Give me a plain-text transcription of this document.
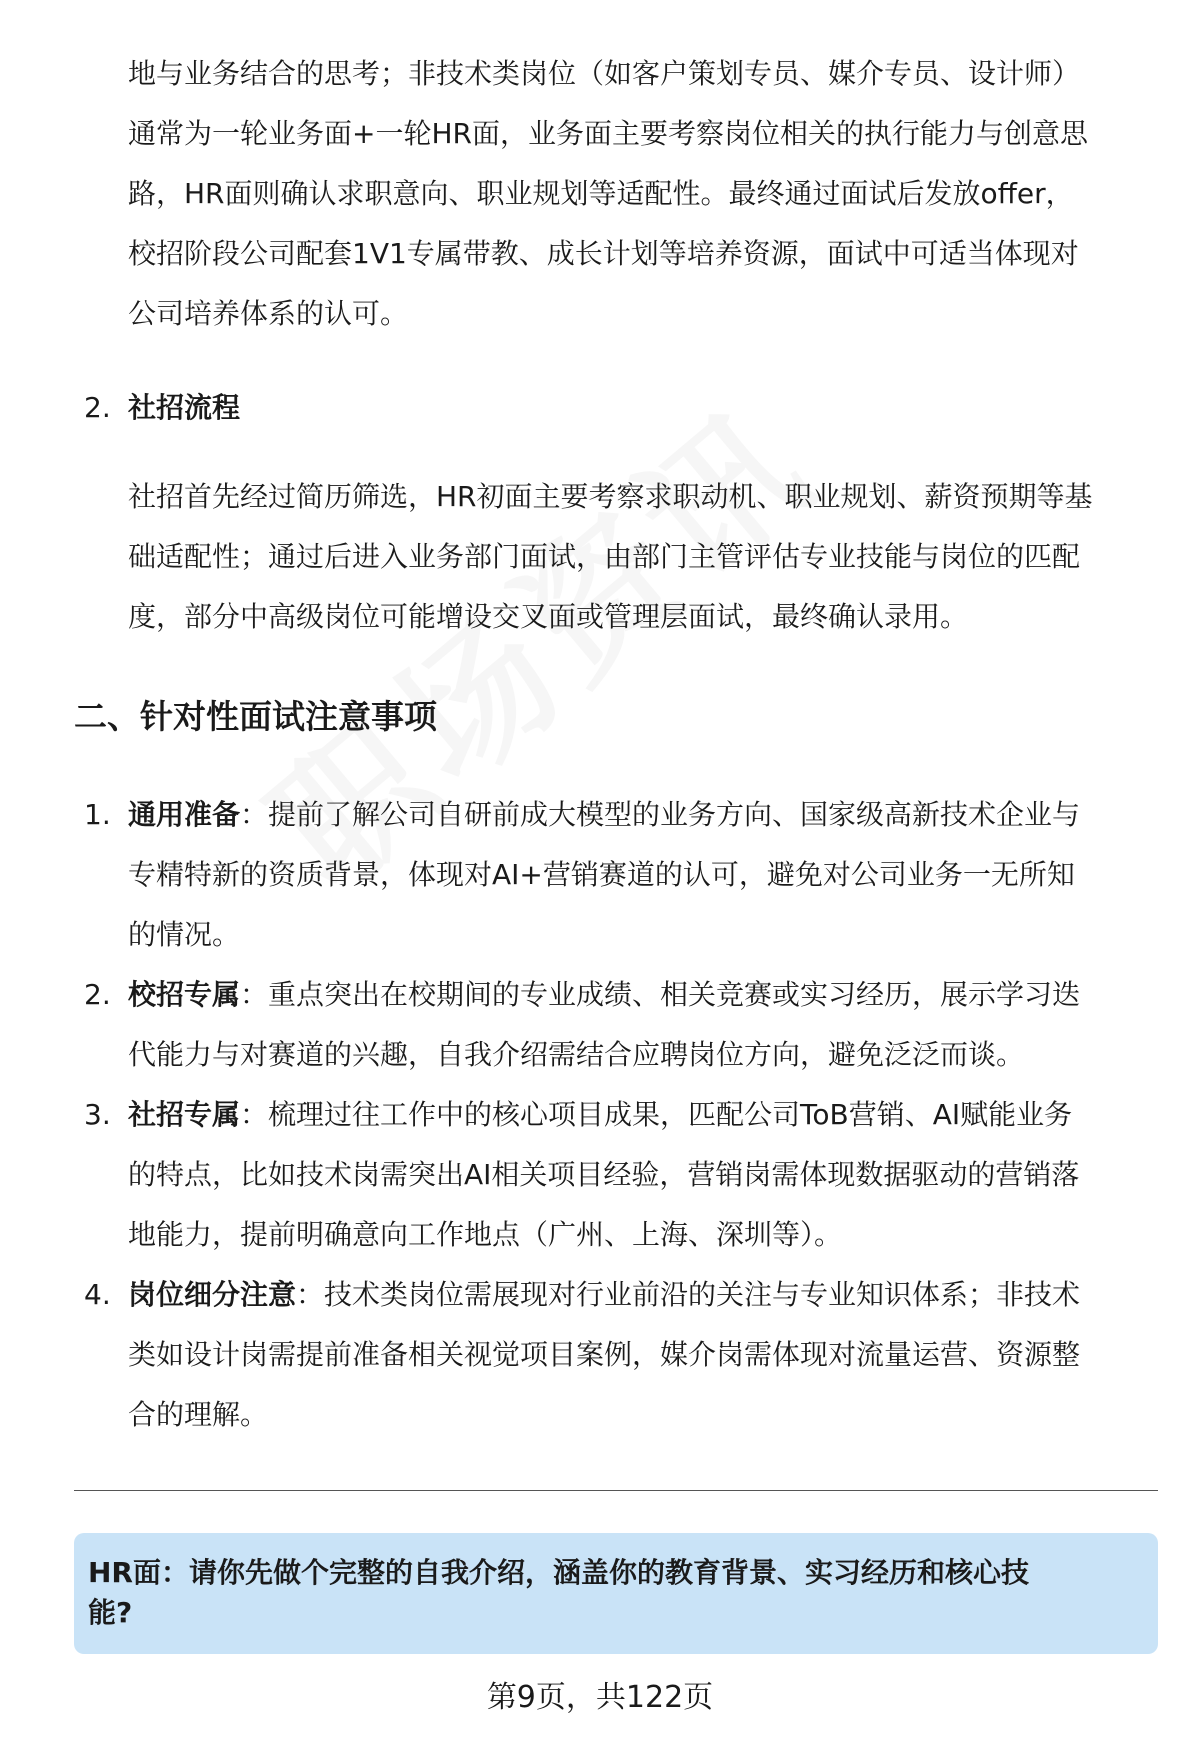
地与业务结合的思考；非技术类岗位（如客户策划专员、媒介专员、设计师）
通常为一轮业务面+一轮HR面，业务面主要考察岗位相关的执行能力与创意思
路，HR面则确认求职意向、职业规划等适配性。最终通过面试后发放offer，
校招阶段公司配套1V1专属带教、成长计划等培养资源，面试中可适当体现对
公司培养体系的认可。
2. 社招流程
社招首先经过简历筛选，HR初面主要考察求职动机、职业规划、薪资预期等基
础适配性；通过后进入业务部门面试，由部门主管评估专业技能与岗位的匹配
度，部分中高级岗位可能增设交叉面或管理层面试，最终确认录用。
二、针对性面试注意事项
1. 通用准备：提前了解公司自研前成大模型的业务方向、国家级高新技术企业与
专精特新的资质背景，体现对AI+营销赛道的认可，避免对公司业务一无所知
的情况。
2. 校招专属：重点突出在校期间的专业成绩、相关竞赛或实习经历，展示学习迭
代能力与对赛道的兴趣，自我介绍需结合应聘岗位方向，避免泛泛而谈。
3. 社招专属：梳理过往工作中的核心项目成果，匹配公司ToB营销、AI赋能业务
的特点，比如技术岗需突出AI相关项目经验，营销岗需体现数据驱动的营销落
地能力，提前明确意向工作地点（广州、上海、深圳等）。
4. 岗位细分注意：技术类岗位需展现对行业前沿的关注与专业知识体系；非技术
类如设计岗需提前准备相关视觉项目案例，媒介岗需体现对流量运营、资源整
合的理解。
HR面：请你先做个完整的自我介绍，涵盖你的教育背景、实习经历和核心技
能?
第9页，共122页
